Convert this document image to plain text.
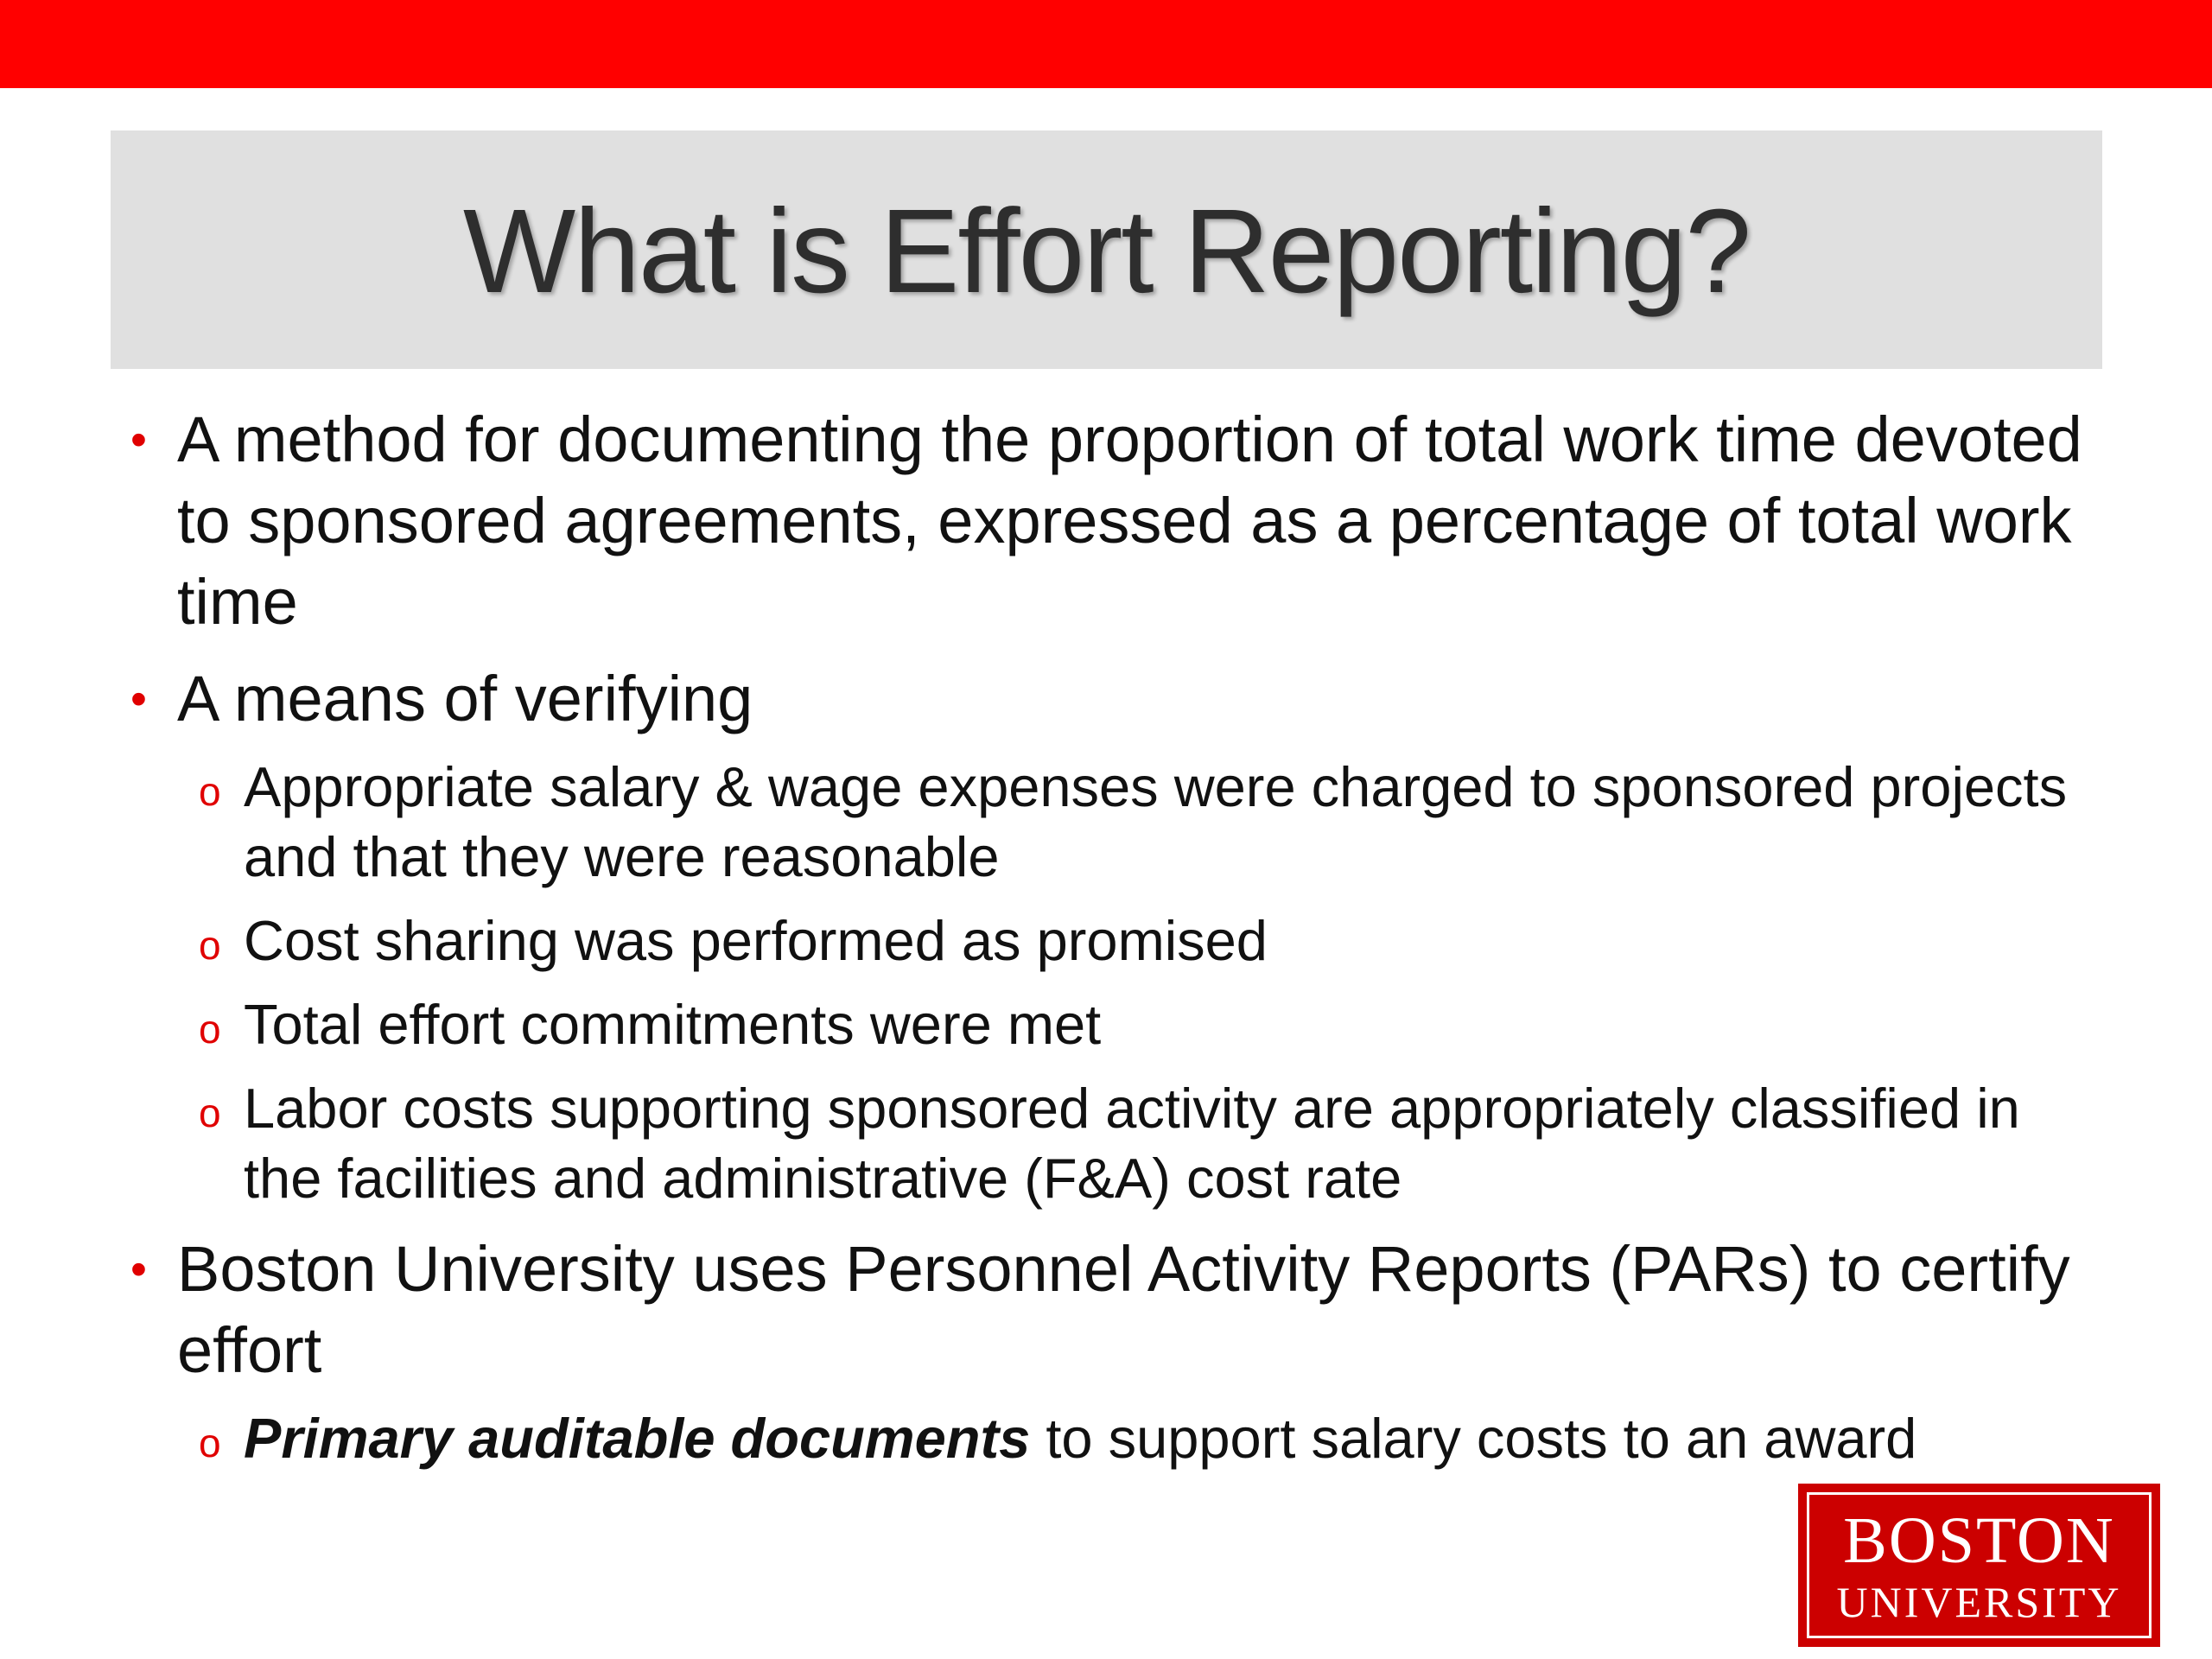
What is Effort Reporting?
• A method for documenting the proportion of total work time devoted to sponsored agreements, expressed as a percentage of total work time
• A means of verifying
o Appropriate salary & wage expenses were charged to sponsored projects and that they were reasonable
o Cost sharing was performed as promised
o Total effort commitments were met
o Labor costs supporting sponsored activity are appropriately classified in the facilities and administrative (F&A) cost rate
• Boston University uses Personnel Activity Reports (PARs) to certify effort
o Primary auditable documents to support salary costs to an award
BOSTON
UNIVERSITY
